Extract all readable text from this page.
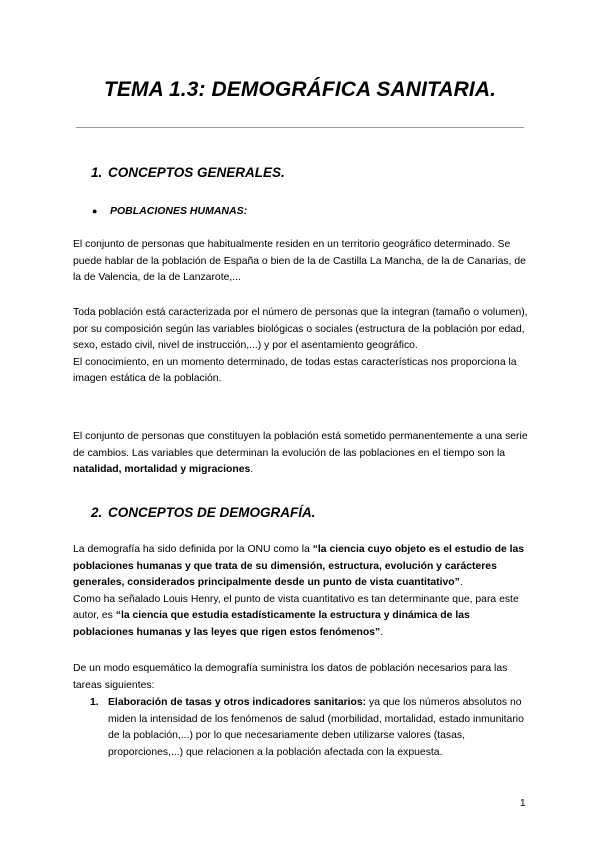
TEMA 1.3: DEMOGRÁFICA SANITARIA.
1. CONCEPTOS GENERALES.
● POBLACIONES HUMANAS:
El conjunto de personas que habitualmente residen en un territorio geográfico determinado. Se puede hablar de la población de España o bien de la de Castilla La Mancha, de la de Canarias, de la de Valencia, de la de Lanzarote,...
Toda población está caracterizada por el número de personas que la integran (tamaño o volumen), por su composición según las variables biológicas o sociales (estructura de la población por edad, sexo, estado civil, nivel de instrucción,...) y por el asentamiento geográfico.
El conocimiento, en un momento determinado, de todas estas características nos proporciona la imagen estática de la población.
El conjunto de personas que constituyen la población está sometido permanentemente a una serie de cambios. Las variables que determinan la evolución de las poblaciones en el tiempo son la natalidad, mortalidad y migraciones.
2. CONCEPTOS DE DEMOGRAFÍA.
La demografía ha sido definida por la ONU como la “la ciencia cuyo objeto es el estudio de las poblaciones humanas y que trata de su dimensión, estructura, evolución y carácteres generales, considerados principalmente desde un punto de vista cuantitativo”.
Como ha señalado Louis Henry, el punto de vista cuantitativo es tan determinante que, para este autor, es “la ciencia que estudia estadísticamente la estructura y dinámica de las poblaciones humanas y las leyes que rigen estos fenómenos”.
De un modo esquemático la demografía suministra los datos de población necesarios para las tareas siguientes:
1. Elaboración de tasas y otros indicadores sanitarios: ya que los números absolutos no miden la intensidad de los fenómenos de salud (morbilidad, mortalidad, estado inmunitario de la población,...) por lo que necesariamente deben utilizarse valores (tasas, proporciones,...) que relacionen a la población afectada con la expuesta.
1
